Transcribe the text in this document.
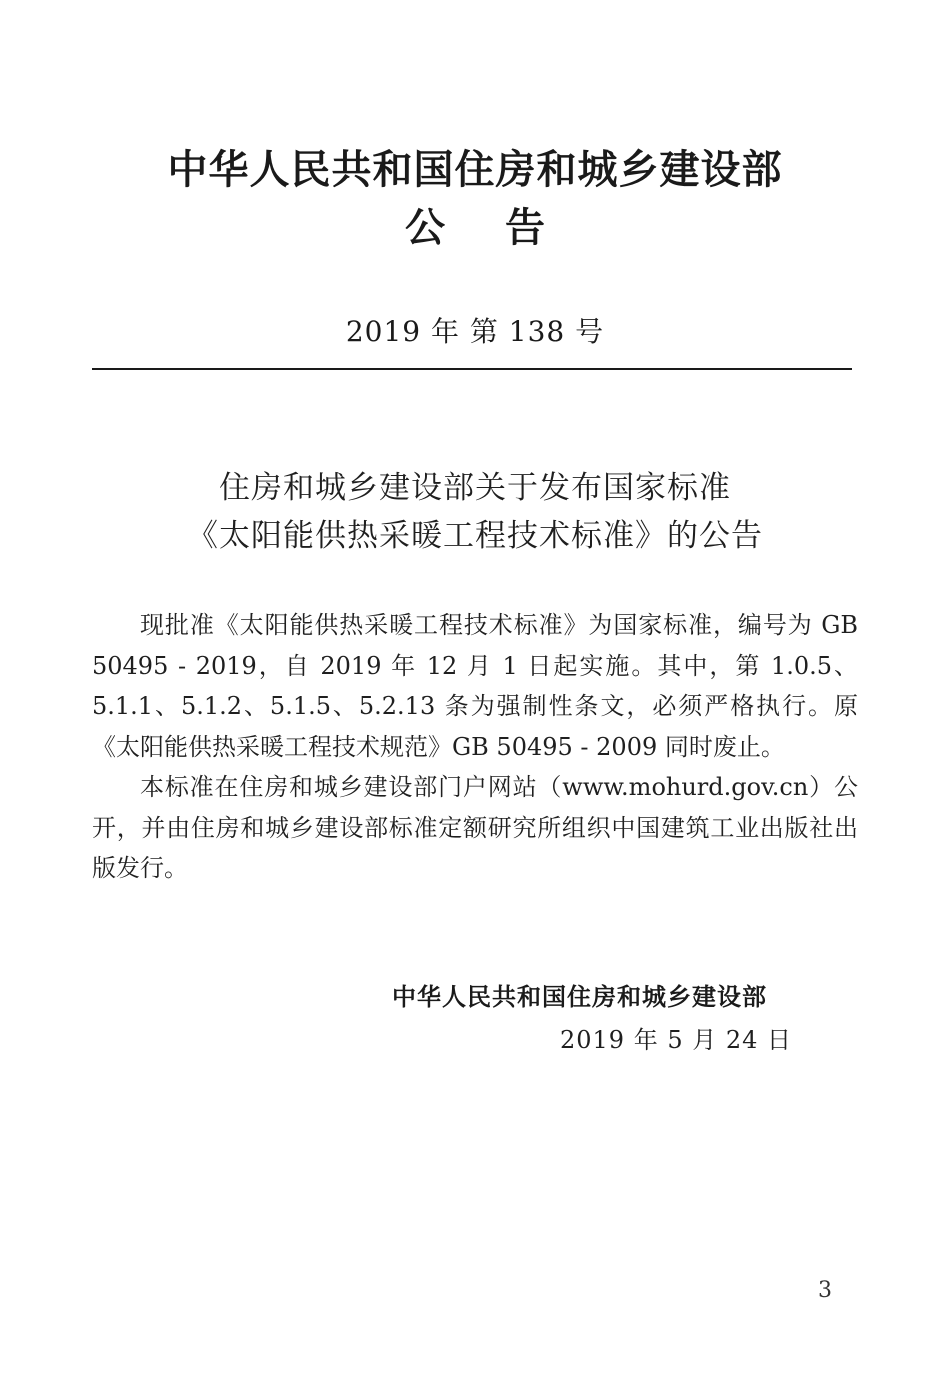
中华人民共和国住房和城乡建设部
公告
2019 年 第 138 号
住房和城乡建设部关于发布国家标准
《太阳能供热采暖工程技术标准》的公告

现批准《太阳能供热采暖工程技术标准》为国家标准，编号为 GB 50495 - 2019，自 2019 年 12 月 1 日起实施。其中，第 1.0.5、5.1.1、5.1.2、5.1.5、5.2.13 条为强制性条文，必须严格执行。原《太阳能供热采暖工程技术规范》GB 50495 - 2009 同时废止。

本标准在住房和城乡建设部门户网站（www.mohurd.gov.cn）公开，并由住房和城乡建设部标准定额研究所组织中国建筑工业出版社出版发行。

中华人民共和国住房和城乡建设部
2019 年 5 月 24 日
3
